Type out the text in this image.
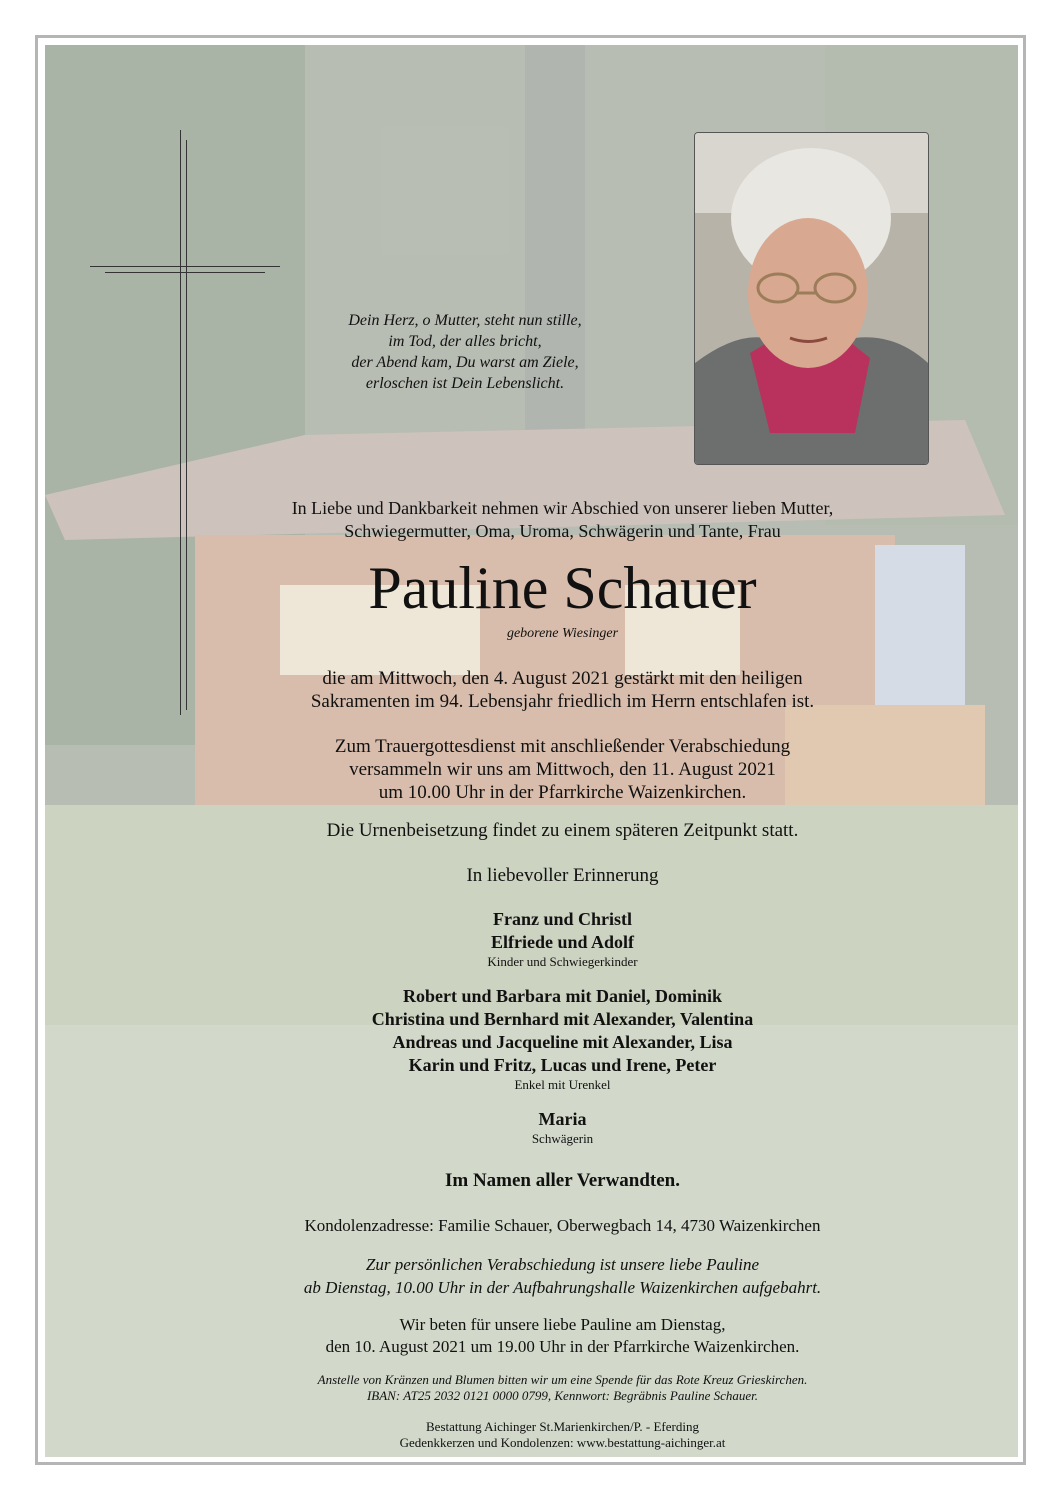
Dein Herz, o Mutter, steht nun stille,
im Tod, der alles bricht,
der Abend kam, Du warst am Ziele,
erloschen ist Dein Lebenslicht.
In Liebe und Dankbarkeit nehmen wir Abschied von unserer lieben Mutter,
Schwiegermutter, Oma, Uroma, Schwägerin und Tante, Frau
Pauline Schauer
geborene Wiesinger
die am Mittwoch, den 4. August 2021 gestärkt mit den heiligen
Sakramenten im 94. Lebensjahr friedlich im Herrn entschlafen ist.
Zum Trauergottesdienst mit anschließender Verabschiedung
versammeln wir uns am Mittwoch, den 11. August 2021
um 10.00 Uhr in der Pfarrkirche Waizenkirchen.
Die Urnenbeisetzung findet zu einem späteren Zeitpunkt statt.
In liebevoller Erinnerung
Franz und Christl
Elfriede und Adolf
Kinder und Schwiegerkinder
Robert und Barbara mit Daniel, Dominik
Christina und Bernhard mit Alexander, Valentina
Andreas und Jacqueline mit Alexander, Lisa
Karin und Fritz, Lucas und Irene, Peter
Enkel mit Urenkel
Maria
Schwägerin
Im Namen aller Verwandten.
Kondolenzadresse: Familie Schauer, Oberwegbach 14, 4730 Waizenkirchen
Zur persönlichen Verabschiedung ist unsere liebe Pauline
ab Dienstag, 10.00 Uhr in der Aufbahrungshalle Waizenkirchen aufgebahrt.
Wir beten für unsere liebe Pauline am Dienstag,
den 10. August 2021 um 19.00 Uhr in der Pfarrkirche Waizenkirchen.
Anstelle von Kränzen und Blumen bitten wir um eine Spende für das Rote Kreuz Grieskirchen.
IBAN: AT25 2032 0121 0000 0799, Kennwort: Begräbnis Pauline Schauer.
Bestattung Aichinger St.Marienkirchen/P. - Eferding
Gedenkkerzen und Kondolenzen: www.bestattung-aichinger.at
